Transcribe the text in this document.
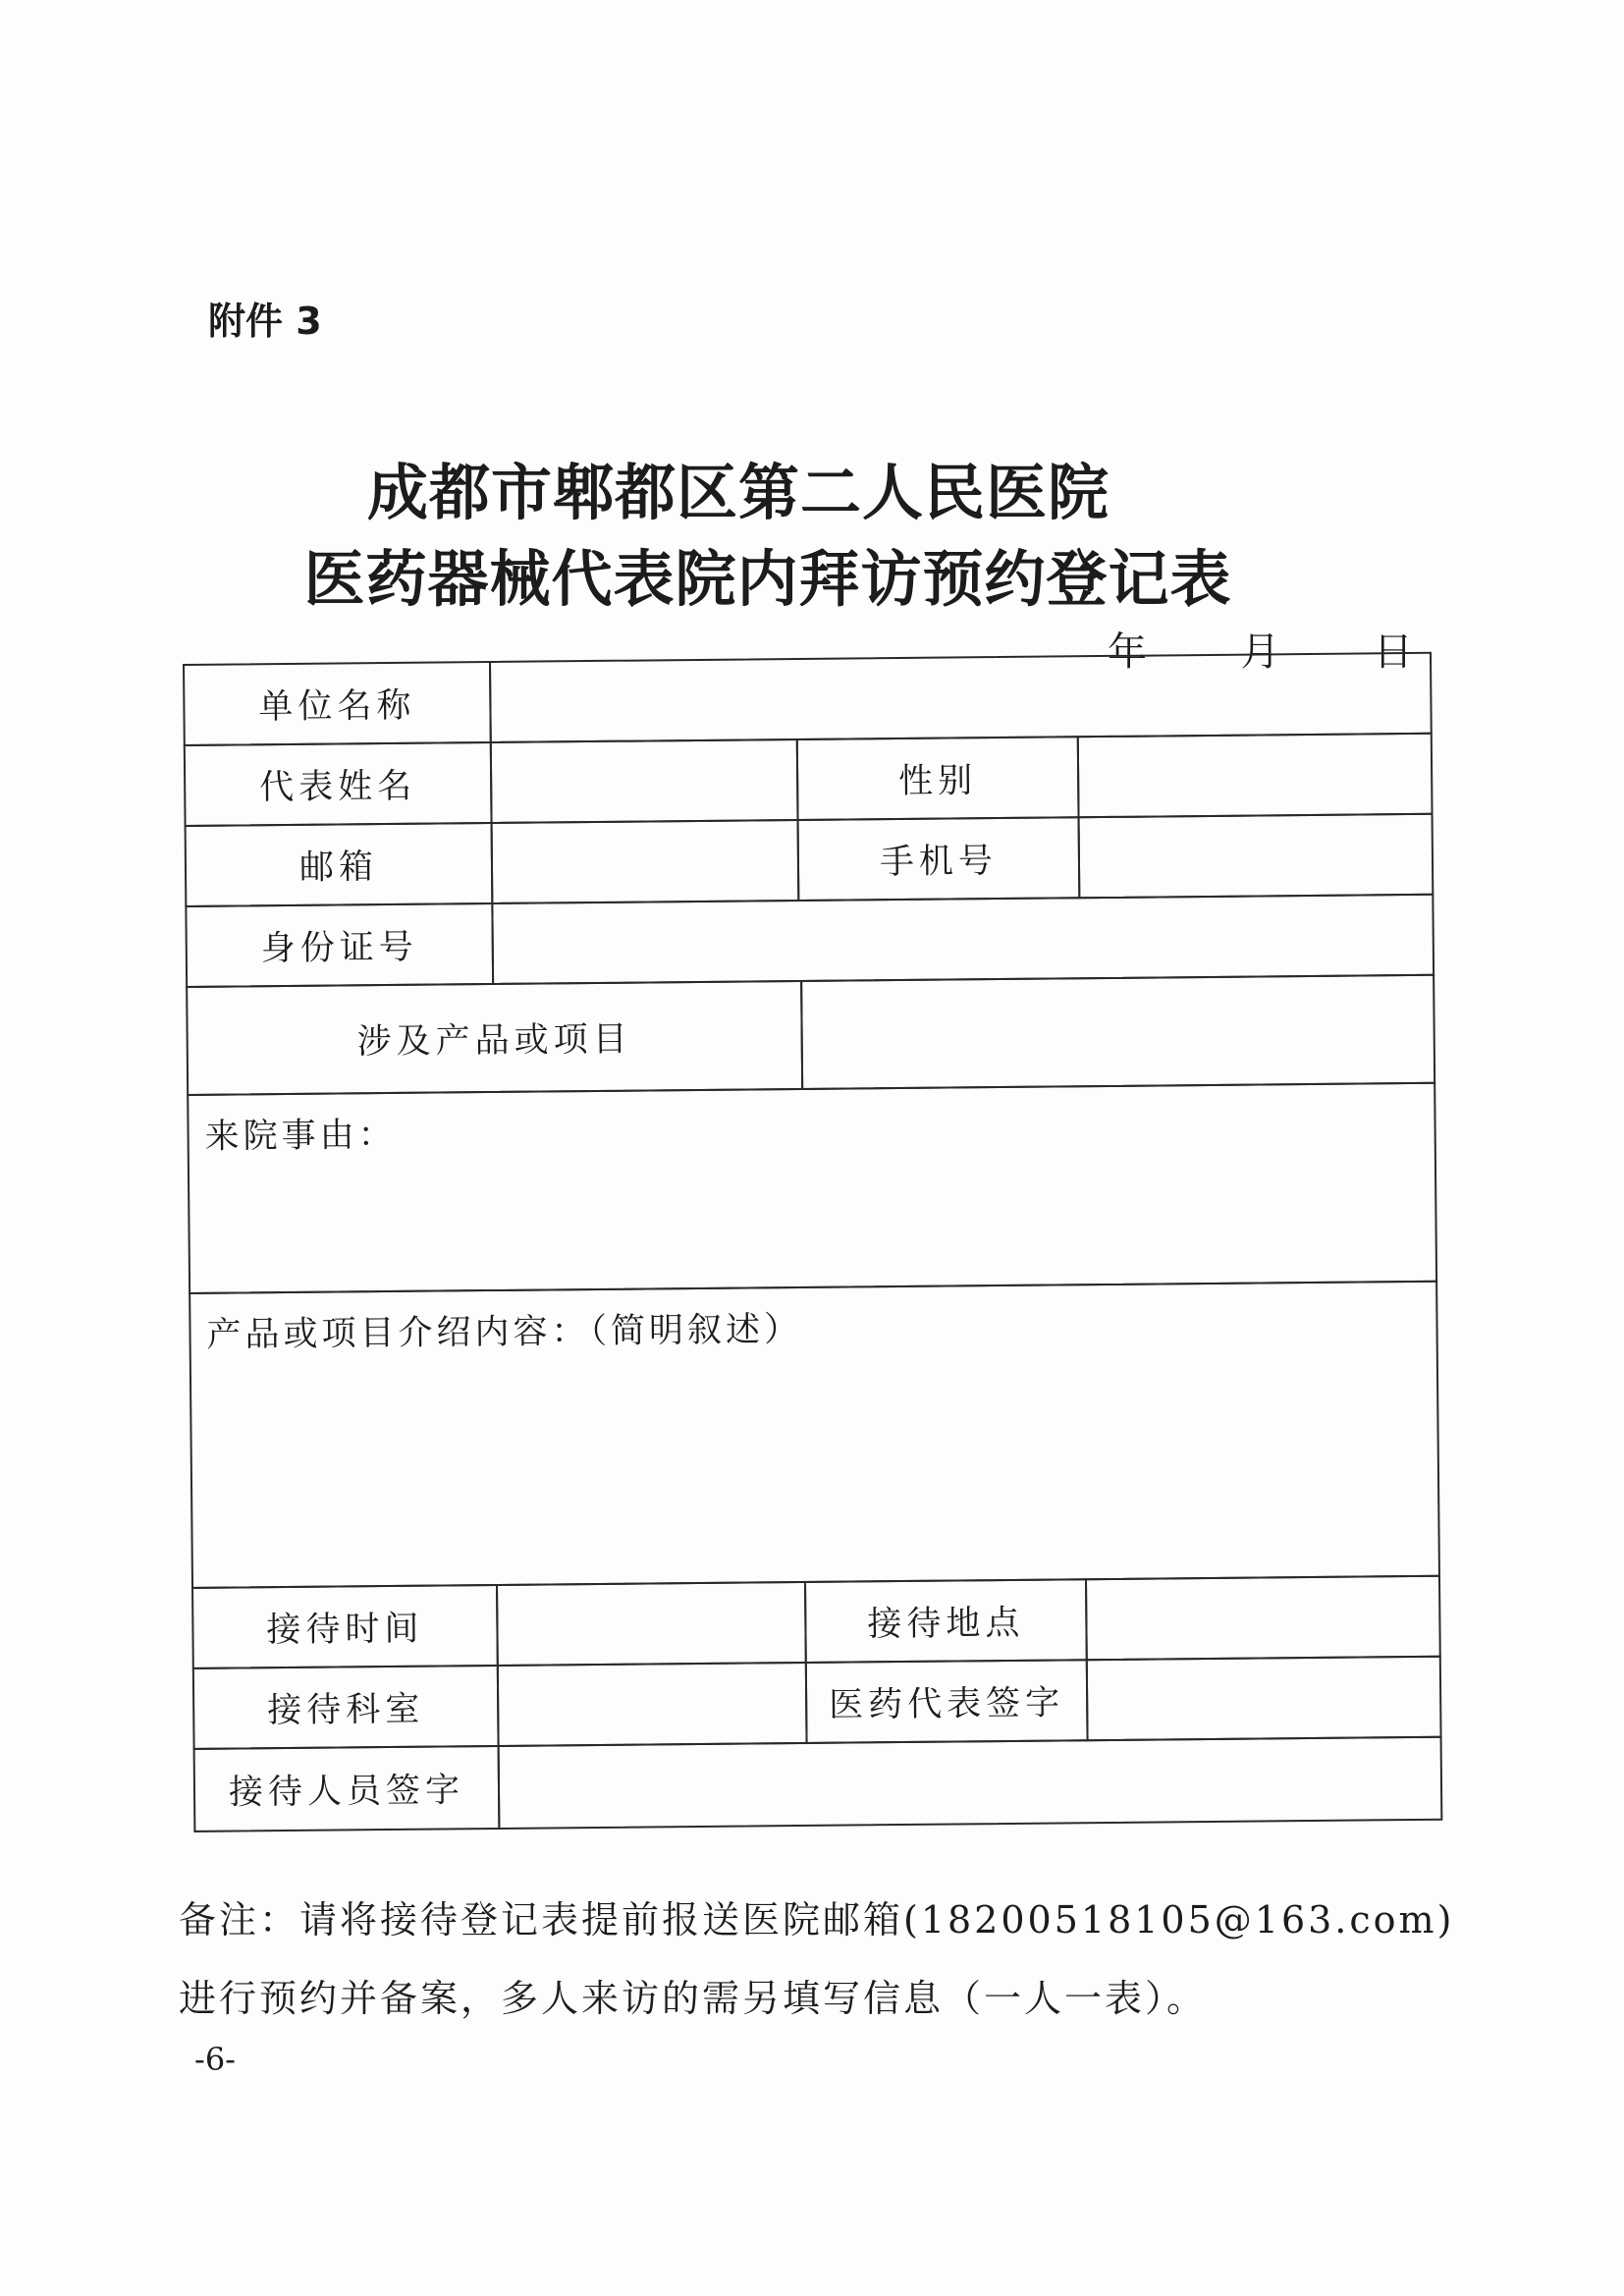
附件 3
成都市郫都区第二人民医院
医药器械代表院内拜访预约登记表
年 月 日
单位名称
代表姓名	性别
邮箱	手机号
身份证号
涉及产品或项目
来院事由：
产品或项目介绍内容：（简明叙述）
接待时间	接待地点
接待科室	医药代表签字
接待人员签字
备注：请将接待登记表提前报送医院邮箱(18200518105@163.com)
进行预约并备案，多人来访的需另填写信息（一人一表）。
-6-
